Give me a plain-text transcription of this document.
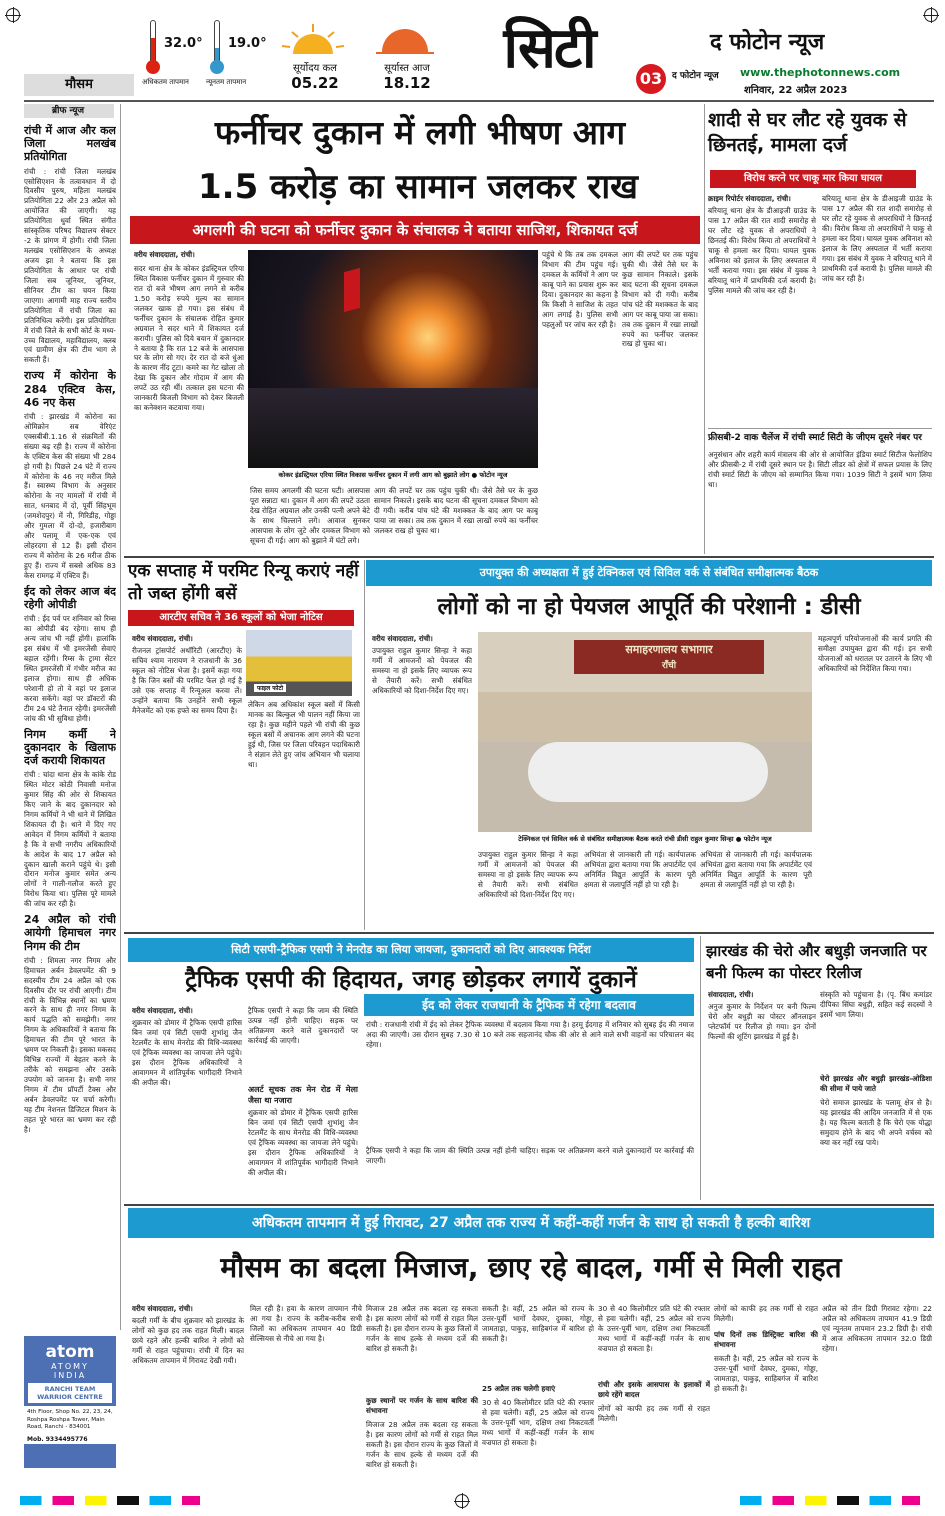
मौसम
32.0°
अधिकतम तापमान
19.0°
न्यूनतम तापमान
सूर्योदय कल
05.22
सूर्यास्त आज
18.12
सिटी	द फोटोन न्यूज
03	द फोटोन न्यूज www.thephotonnews.com
शनिवार, 22 अप्रैल 2023
ब्रीफ न्यूज
रांची में आज और कल जिला मलखंब प्रतियोगिता

रांची : रांची जिला मलखंब एसोसिएशन के तत्वावधान में दो दिवसीय पुरुष, महिला मलखंब प्रतियोगिता 22 और 23 अप्रैल को आयोजित की जाएगी। यह प्रतियोगिता धुर्वा स्थित संगीत सांस्कृतिक परिषद विद्यालय सेक्टर -2 के प्रांगण में होगी। रांची जिला मलखंब एसोसिएशन के अध्यक्ष अजय झा ने बताया कि इस प्रतियोगिता के आधार पर रांची जिला सब जूनियर, जूनियर, सीनियर टीम का चयन किया जाएगा। आगामी माह राज्य स्तरीय प्रतियोगिता में रांची जिला का प्रतिनिधित्व करेंगी। इस प्रतियोगिता में रांची जिले के सभी कोर्ट के मध्य-उच्च विद्यालय, महाविद्यालय, क्लब एवं ग्रामीण क्षेत्र की टीम भाग ले सकती हैं।

राज्य में कोरोना के 284 एक्टिव केस, 46 नए केस

रांची : झारखंड में कोरोना का ओमिक्रोन सब वेरिएंट एक्सबीबी.1.16 से संक्रमितों की संख्या बढ़ रही है। राज्य में कोरोना के एक्टिव केस की संख्या भी 284 हो गयी है। पिछले 24 घंटे में राज्य में कोरोना के 46 नए मरीज मिले हैं। स्वास्थ्य विभाग के अनुसार कोरोना के नए मामलों में रांची में सात, धनबाद में दो, पूर्वी सिंहभूम (जमशेदपुर) में नौ, गिरिडीह, गोड्डा और गुमला में दो-दो, हजारीबाग और पलामू में एक-एक एवं लोहरदगा से 12 हैं। इसी दौरान राज्य में कोरोना के 26 मरीज ठीक हुए हैं। राज्य में सबसे अधिक 83 केस रामगढ़ में एक्टिव हैं।

ईद को लेकर आज बंद रहेगी ओपीडी

रांची : ईद पर्व पर शनिवार को रिम्स का ओपीडी बंद रहेगा। साथ ही अन्य जांच भी नहीं होंगी। हालांकि इस संबंध में भी इमरजेंसी सेवाएं बहाल रहेंगी। रिम्स के ट्रामा सेंटर स्थित इमरजेंसी में गंभीर मरीज का इलाज होगा। साथ ही अधिक परेशानी हो तो वे वहां पर इलाज करवा सकेंगे। वहां पर डॉक्टरों की टीम 24 घंटे तैनात रहेगी। इमरजेंसी जांच की भी सुविधा होगी।

निगम कर्मी ने दुकानदार के खिलाफ दर्ज करायी शिकायत

रांची : चांदा थाना क्षेत्र के कांके रोड स्थित मोटर कोठी निवासी मनोज कुमार सिंह की ओर से शिकायत किए जाने के बाद दुकानदार को निगम कर्मियों ने भी धाने में लिखित शिकायत दी है। थाने में दिए गए आवेदन में निगम कर्मियों ने बताया है कि वे सभी नगरीय अधिकारियों के आदेश के बाद 17 अप्रैल को दुकान खाली कराने पहुंचे थे। इसी दौरान मनोज कुमार समेत अन्य लोगों ने गाली-गलौज करते हुए विरोध किया था। पुलिस पूरे मामले की जांच कर रही है।

24 अप्रैल को रांची आयेगी हिमाचल नगर निगम की टीम

रांची : शिमला नगर निगम और हिमाचल अर्बन डेवलपमेंट की 9 सदस्यीय टीम 24 अप्रैल को एक दिवसीय दौर पर रांची आएगी। टीम रांची के विभिन्न स्थानों का भ्रमण करने के साथ ही नगर निगम के कार्य पद्धति को समझेगी। नगर निगम के अधिकारियों ने बताया कि हिमाचल की टीम पूरे भारत के भ्रमण पर निकली है। इसका मकसद विभिन्न राज्यों में बेहतर करने के तरीके को समझना और उसके उपयोग को जानना है। सभी नगर निगम में टीम प्रॉपर्टी टैक्स और अर्बन डेवलपमेंट पर चर्चा करेगी। यह टीम नेशनल डिजिटल मिशन के तहत पूरे भारत का भ्रमण कर रही है।

atom
ATOMY
INDIA
RANCHI TEAM WARRIOR CENTRE
4th Floor, Shop No. 22, 23, 24, Roshpa Roshpa Tower, Main Road, Ranchi - 834001
Mob. 9334495776
फर्नीचर दुकान में लगी भीषण आग
1.5 करोड़ का सामान जलकर राख
अगलगी की घटना को फर्नीचर दुकान के संचालक ने बताया साजिश, शिकायत दर्ज
वरीय संवाददाता, रांची।
सदर थाना क्षेत्र के कोकर इंडस्ट्रियल एरिया स्थित विकास फर्नीचर दुकान में गुरुवार की रात दो बजे भीषण आग लगने से करीब 1.50 करोड़ रुपये मूल्य का सामान जलकर खाक हो गया। इस संबंध में फर्नीचर दुकान के संचालक रोहित कुमार अग्रवाल ने सदर थाने में शिकायत दर्ज करायी। पुलिस को दिये बयान में दुकानदार ने बताया है कि रात 12 बजे के आसपास घर के लोग सो गए। देर रात दो बजे धुंआ के कारण नींद टूटा। कमरे का गेट खोला तो देखा कि दुकान और गोदाम में आग की लपटें उठ रही थीं। तत्काल इस घटना की जानकारी बिजली विभाग को देकर बिजली का कनेक्शन कटवाया गया।
कोकर इंडस्ट्रियल एरिया स्थित विकास फर्नीचर दुकान में लगी आग को बुझाते लोग ● फोटोन न्यूज
पहुंचे थे कि तब तक दमकल विभाग की टीम पहुंच गई। दमकल के कर्मियों ने आग पर काबू पाने का प्रयास शुरू कर दिया। दुकानदार का कहना है कि किसी ने साजिश के तहत आग लगाई है। पुलिस सभी पहलुओं पर जांच कर रही है।
आग की लपटें घर तक पहुंच चुकी थी। जैसे तैसे घर के कुछ सामान निकाले। इसके बाद घटना की सूचना दमकल विभाग को दी गयी। करीब पांच घंटे की मशक्कत के बाद आग पर काबू पाया जा सका। तब तक दुकान में रखा लाखों रुपये का फर्नीचर जलकर राख हो चुका था।
जिस समय अगलगी की घटना घटी। आसपास पूरा सन्नाटा था। दुकान में आग की लपटें उठता देख रोहित अग्रवाल और उनकी पत्नी अपने बेटे के साथ चिल्लाने लगे। आवाज सुनकर आसपास के लोग जुटे और दमकल विभाग को सूचना दी गई। आग को बुझाने में घंटों लगे।
आग की लपटें घर तक पहुंच चुकी थी। जैसे तैसे घर के कुछ सामान निकाले। इसके बाद घटना की सूचना दमकल विभाग को दी गयी। करीब पांच घंटे की मशक्कत के बाद आग पर काबू पाया जा सका। तब तक दुकान में रखा लाखों रुपये का फर्नीचर जलकर राख हो चुका था।
शादी से घर लौट रहे युवक से छिनतई, मामला दर्ज
विरोध करने पर चाकू मार किया घायल
क्राइम रिपोर्टर संवाददाता, रांची।
बरियातू थाना क्षेत्र के डीआइजी ग्राउंड के पास 17 अप्रैल की रात शादी समारोह से घर लौट रहे युवक से अपराधियों ने छिनतई की। विरोध किया तो अपराधियों ने चाकू से हमला कर दिया। घायल युवक अविनाश को इलाज के लिए अस्पताल में भर्ती कराया गया। इस संबंध में युवक ने बरियातू थाने में प्राथमिकी दर्ज करायी है। पुलिस मामले की जांच कर रही है।
बरियातू थाना क्षेत्र के डीआइजी ग्राउंड के पास 17 अप्रैल की रात शादी समारोह से घर लौट रहे युवक से अपराधियों ने छिनतई की। विरोध किया तो अपराधियों ने चाकू से हमला कर दिया। घायल युवक अविनाश को इलाज के लिए अस्पताल में भर्ती कराया गया। इस संबंध में युवक ने बरियातू थाने में प्राथमिकी दर्ज करायी है। पुलिस मामले की जांच कर रही है।
फ्रीसबी-2 वाक चैलेंज में रांची स्मार्ट सिटी के जीएम दूसरे नंबर पर
अनुसंधान और शहरी कार्य मंत्रालय की ओर से आयोजित इंडिया स्मार्ट सिटीज फेलोशिप और फ्रीसबी-2 में रांची दूसरे स्थान पर है। सिटी लीडर को क्षेत्रों में सफल प्रयास के लिए रांची स्मार्ट सिटी के जीएम को सम्मानित किया गया। 1039 सिटी ने इसमें भाग लिया था।
एक सप्ताह में परमिट रिन्यू कराएं नहीं तो जब्त होंगी बसें
आरटीए सचिव ने 36 स्कूलों को भेजा नोटिस
वरीय संवाददाता, रांची।
फाइल फोटो
रीजनल ट्रांसपोर्ट अथॉरिटी (आरटीए) के सचिव श्याम नारायण ने राजधानी के 36 स्कूल को नोटिस भेजा है। इसमें कहा गया है कि जिन बसों की परमिट फेल हो गई है उसे एक सप्ताह में रिन्यूअल करवा लें। उन्होंने बताया कि उनहोंने सभी स्कूल मैनेजमेंट को एक हफ्ते का समय दिया है।
लेकिन अब अधिकांश स्कूल बसों में किसी मानक का बिल्कुल भी पालन नहीं किया जा रहा है। कुछ महीने पहले भी रांची की कुछ स्कूल बसों में अचानक आग लगने की घटना हुई थी, जिस पर जिला परिवहन पदाधिकारी ने संज्ञान लेते हुए जांच अभियान भी चलाया था।
उपायुक्त की अध्यक्षता में हुई टेक्निकल एवं सिविल वर्क से संबंधित समीक्षात्मक बैठक
लोगों को ना हो पेयजल आपूर्ति की परेशानी : डीसी
वरीय संवाददाता, रांची।
उपायुक्त राहुल कुमार सिन्हा ने कहा गर्मी में आमजनों को पेयजल की समस्या ना हो इसके लिए व्यापक रूप से तैयारी करें। सभी संबंधित अधिकारियों को दिशा-निर्देश दिए गए।
समाहरणालय सभागार
राँची
टेक्निकल एवं सिविल वर्क से संबंधित समीक्षात्मक बैठक करते रांची डीसी राहुल कुमार सिन्हा ● फोटोन न्यूज
उपायुक्त राहुल कुमार सिन्हा ने कहा गर्मी में आमजनों को पेयजल की समस्या ना हो इसके लिए व्यापक रूप से तैयारी करें। सभी संबंधित अधिकारियों को दिशा-निर्देश दिए गए।
अभियंता से जानकारी ली गई। कार्यपालक अभियंता द्वारा बताया गया कि अपार्टमेंट एवं अनिर्मित विद्युत आपूर्ति के कारण पूरी क्षमता से जलापूर्ति नहीं हो पा रही है।
अभियंता से जानकारी ली गई। कार्यपालक अभियंता द्वारा बताया गया कि अपार्टमेंट एवं अनिर्मित विद्युत आपूर्ति के कारण पूरी क्षमता से जलापूर्ति नहीं हो पा रही है।
महत्वपूर्ण परियोजनाओं की कार्य प्रगति की समीक्षा उपायुक्त द्वारा की गई। इन सभी योजनाओं को धरातल पर उतारने के लिए भी अधिकारियों को निर्देशित किया गया।
सिटी एसपी-ट्रैफिक एसपी ने मेनरोड का लिया जायजा, दुकानदारों को दिए आवश्यक निर्देश
ट्रैफिक एसपी की हिदायत, जगह छोड़कर लगायें दुकानें
वरीय संवाददाता, रांची।
शुक्रवार को डोमार में ट्रैफिक एसपी हारिस बिन जमां एवं सिटी एसपी शुभांशु जैन रेटलमैंट के साथ मेनरोड की विधि-व्यवस्था एवं ट्रैफिक व्यवस्था का जायजा लेने पहुंचे। इस दौरान ट्रैफिक अधिकारियों ने आवागमन में शांतिपूर्वक भागीदारी निभाने की अपील की।
ट्रैफिक एसपी ने कहा कि जाम की स्थिति उत्पन्न नहीं होनी चाहिए। सड़क पर अतिक्रमण करने वाले दुकानदारों पर कार्रवाई की जाएगी।
अलर्ट सूचक तक मेन रोड में मेला जैसा था नजारा
शुक्रवार को डोमार में ट्रैफिक एसपी हारिस बिन जमां एवं सिटी एसपी शुभांशु जैन रेटलमैंट के साथ मेनरोड की विधि-व्यवस्था एवं ट्रैफिक व्यवस्था का जायजा लेने पहुंचे। इस दौरान ट्रैफिक अधिकारियों ने आवागमन में शांतिपूर्वक भागीदारी निभाने की अपील की।
ईद को लेकर राजधानी के ट्रैफिक में रहेगा बदलाव
रांची : राजधानी रांची में ईद को लेकर ट्रैफिक व्यवस्था में बदलाव किया गया है। हरमू ईदगाह में शनिवार को सुबह ईद की नमाज अदा की जाएगी। उस दौरान सुबह 7.30 से 10 बजे तक सहजानंद चौक की ओर से आने वाले सभी वाहनों का परिचालन बंद रहेगा।
ट्रैफिक एसपी ने कहा कि जाम की स्थिति उत्पन्न नहीं होनी चाहिए। सड़क पर अतिक्रमण करने वाले दुकानदारों पर कार्रवाई की जाएगी।
झारखंड की चेरो और बधुड़ी जनजाति पर बनी फिल्म का पोस्टर रिलीज
संवाददाता, रांची।
अनुज कुमार के निर्देशन पर बनी फिल्म चेरो और बधुड़ी का पोस्टर ऑनलाइन प्लेटफॉर्म पर रिलीज हो गया। इन दोनों फिल्मों की शूटिंग झारखंड में हुई है।
संस्कृति को पहुंचाना है। (पृ. बिंध कमांडर दीपिका सिंघा बधुड़ी, सहित कई सदस्यों ने इसमें भाग लिया।
चेरो झारखंड और बधुड़ी झारखंड-ओडिशा की सीमा में पाये जाते
चेरो समाज झारखंड के पलामू क्षेत्र से है। यह झारखंड की आदिम जनजाति में से एक है। यह फिल्म बताती है कि चेरो एक योद्धा समुदाय होने के बाद भी अपने वर्चस्व को क्या कर नहीं रख पाये।
अधिकतम तापमान में हुई गिरावट, 27 अप्रैल तक राज्य में कहीं-कहीं गर्जन के साथ हो सकती है हल्की बारिश
मौसम का बदला मिजाज, छाए रहे बादल, गर्मी से मिली राहत
वरीय संवाददाता, रांची।
बदली गर्मी के बीच शुक्रवार को झारखंड के लोगों को कुछ हद तक राहत मिली। बादल छाये रहने और हल्की बारिश ने लोगों को गर्मी से राहत पहुंचाया। रांची में दिन का अधिकतम तापमान में गिरावट देखी गयी।
मिल रही है। हवा के कारण तापमान नीचे आ गया है। राज्य के करीब-करीब सभी जिलों का अधिकतम तापमान 40 डिग्री सेल्सियस से नीचे आ गया है।
मिजाज 28 अप्रैल तक बदला रह सकता है। इस कारण लोगों को गर्मी से राहत मिल सकती है। इस दौरान राज्य के कुछ जिलों में गर्जन के साथ हल्के से मध्यम दर्जे की बारिश हो सकती है।
कुछ स्थानों पर गर्जन के साथ बारिश की संभावना
मिजाज 28 अप्रैल तक बदला रह सकता है। इस कारण लोगों को गर्मी से राहत मिल सकती है। इस दौरान राज्य के कुछ जिलों में गर्जन के साथ हल्के से मध्यम दर्जे की बारिश हो सकती है।
सकती है। वहीं, 25 अप्रैल को राज्य के उत्तर-पूर्वी भागों देवघर, दुमका, गोड्डा, जामताड़ा, पाकुड़, साहिबगंज में बारिश हो सकती है।
25 अप्रैल तक चलेगी हवाएं
30 से 40 किलोमीटर प्रति घंटे की रफ्तार से हवा चलेगी। वहीं, 25 अप्रैल को राज्य के उत्तर-पूर्वी भाग, दक्षिण तथा निकटवर्ती मध्य भागों में कहीं-कहीं गर्जन के साथ वज्रपात हो सकता है।
30 से 40 किलोमीटर प्रति घंटे की रफ्तार से हवा चलेगी। वहीं, 25 अप्रैल को राज्य के उत्तर-पूर्वी भाग, दक्षिण तथा निकटवर्ती मध्य भागों में कहीं-कहीं गर्जन के साथ वज्रपात हो सकता है।
रांची और इसके आसपास के इलाकों में छाये रहेंगे बादल
लोगों को काफी हद तक गर्मी से राहत मिलेगी।
लोगों को काफी हद तक गर्मी से राहत मिलेगी।
पांच दिनों तक डिस्ट्रिक्ट बारिश की संभावना
सकती है। वहीं, 25 अप्रैल को राज्य के उत्तर-पूर्वी भागों देवघर, दुमका, गोड्डा, जामताड़ा, पाकुड़, साहिबगंज में बारिश हो सकती है।
अप्रैल को तीन डिग्री गिरावट रहेगा। 22 अप्रैल को अधिकतम तापमान 41.9 डिग्री एवं न्यूनतम तापमान 23.2 डिग्री है। रांची में आज अधिकतम तापमान 32.0 डिग्री रहेगा।
